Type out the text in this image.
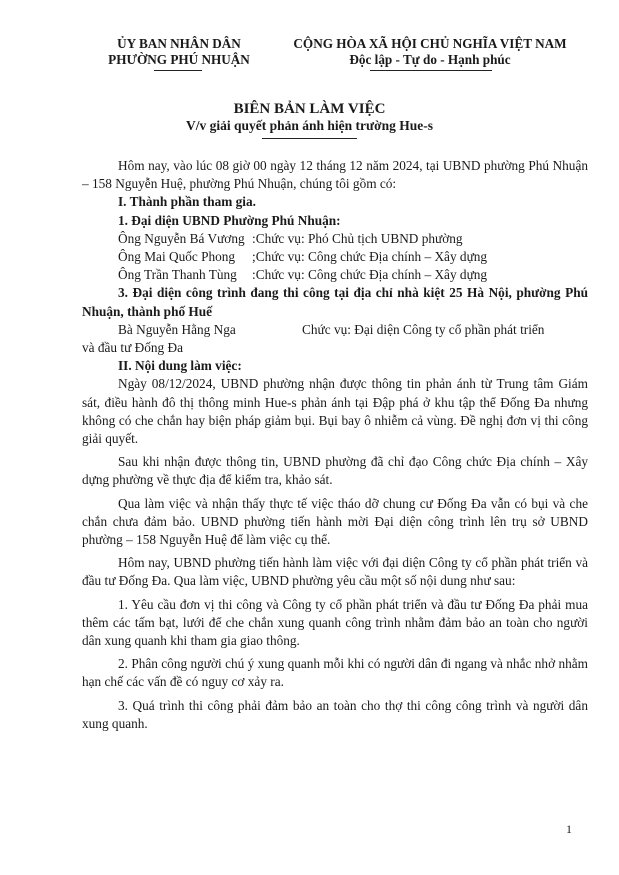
ỦY BAN NHÂN DÂN
PHƯỜNG PHÚ NHUẬN
CỘNG HÒA XÃ HỘI CHỦ NGHĨA VIỆT NAM
Độc lập - Tự do - Hạnh phúc
BIÊN BẢN LÀM VIỆC
V/v giải quyết phản ánh hiện trường Hue-s

Hôm nay, vào lúc 08 giờ 00 ngày 12 tháng 12 năm 2024, tại UBND phường Phú Nhuận – 158 Nguyễn Huệ, phường Phú Nhuận, chúng tôi gồm có:

I. Thành phần tham gia.

1. Đại diện UBND Phường Phú Nhuận:

Ông Nguyễn Bá Vương :Chức vụ: Phó Chủ tịch UBND phường
Ông Mai Quốc Phong	;Chức vụ: Công chức Địa chính – Xây dựng
Ông Trần Thanh Tùng	:Chức vụ: Công chức Địa chính – Xây dựng

3. Đại diện công trình đang thi công tại địa chỉ nhà kiệt 25 Hà Nội, phường Phú Nhuận, thành phố Huế

Bà Nguyễn Hằng Nga	Chức vụ: Đại diện Công ty cổ phần phát triển

và đầu tư Đống Đa

II. Nội dung làm việc:

Ngày 08/12/2024, UBND phường nhận được thông tin phản ánh từ Trung tâm Giám sát, điều hành đô thị thông minh Hue-s phản ánh tại Đập phá ở khu tập thể Đống Đa nhưng không có che chắn hay biện pháp giảm bụi. Bụi bay ô nhiễm cả vùng. Đề nghị đơn vị thi công giải quyết.

Sau khi nhận được thông tin, UBND phường đã chỉ đạo Công chức Địa chính – Xây dựng phường về thực địa để kiểm tra, khảo sát.

Qua làm việc và nhận thấy thực tế việc tháo dỡ chung cư Đống Đa vẫn có bụi và che chắn chưa đảm bảo. UBND phường tiến hành mời Đại diện công trình lên trụ sở UBND phường – 158 Nguyễn Huệ để làm việc cụ thể.

Hôm nay, UBND phường tiến hành làm việc với đại diện Công ty cổ phần phát triển và đầu tư Đống Đa. Qua làm việc, UBND phường yêu cầu một số nội dung như sau:

1. Yêu cầu đơn vị thi công và Công ty cổ phần phát triển và đầu tư Đống Đa phải mua thêm các tấm bạt, lưới để che chắn xung quanh công trình nhằm đảm bảo an toàn cho người dân xung quanh khi tham gia giao thông.

2. Phân công người chú ý xung quanh mỗi khi có người dân đi ngang và nhắc nhở nhằm hạn chế các vấn đề có nguy cơ xảy ra.

3. Quá trình thi công phải đảm bảo an toàn cho thợ thi công công trình và người dân xung quanh.

1
